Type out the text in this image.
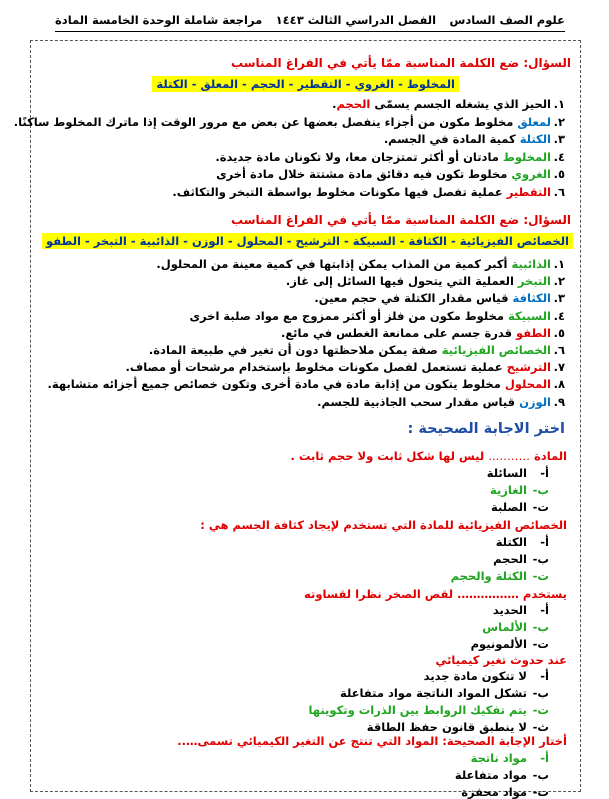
علوم الصف السادس
الفصل الدراسي الثالث ١٤٤٣
مراجعة شاملة الوحدة الخامسة المادة
السؤال: ضع الكلمة المناسبة ممّا يأتي في الفراغ المناسب
المخلوط - الغروي - التقطير - الحجم - المعلق - الكتلة
١.الحيز الذي يشغله الجسم يسمّى الحجم.
٢.لمعلق مخلوط مكون من أجزاء ينفصل بعضها عن بعض مع مرور الوقت إذا ماترك المخلوط ساكنًا.
٣.الكتلة كمية المادة في الجسم.
٤.المخلوط مادتان أو أكثر تمتزجان معا، ولا تكونان مادة جديدة.
٥.الغروي مخلوط تكون فيه دقائق مادة مشتتة خلال مادة أخرى
٦.التقطير عملية تفصل فيها مكونات مخلوط بواسطة التبخر والتكاثف.
السؤال: ضع الكلمة المناسبة ممّا يأتي في الفراغ المناسب
الخصائص الفيزيائية - الكثافة - السبيكة - الترشيح - المحلول - الوزن - الذائبية - التبخر - الطفو
١.الذائبية أكبر كمية من المذاب يمكن إذابتها في كمية معينة من المحلول.
٢.التبخر العملية التي يتحول فيها السائل إلى غاز.
٣.الكثافة قياس مقدار الكتلة في حجم معين.
٤.السبيكة مخلوط مكون من فلز أو أكثر ممزوج مع مواد صلبة اخرى
٥.الطفو قدرة جسم على ممانعة الغطس في مائع.
٦.الخصائص الفيزيائية صفة يمكن ملاحظتها دون أن تغير في طبيعة المادة.
٧.الترشيح عملية تستعمل لفصل مكونات مخلوط بإستخدام مرشحات أو مصاف.
٨.المحلول مخلوط يتكون من إذابة مادة في مادة أخرى وتكون خصائص جميع أجزائه متشابهة.
٩.الوزن قياس مقدار سحب الجاذبية للجسم.
اختر الاجابة الصحيحة :
المادة ……….. ليس لها شكل ثابت ولا حجم ثابت .
أ-السائلة
ب-الغازية
ت-الصلبة
الخصائص الفيزيائية للمادة التي تستخدم لإيجاد كثافة الجسم هي :
أ-الكتلة
ب-الحجم
ت-الكتلة والحجم
يستخدم ……………. لقص الصخر نظرا لقساوته
أ-الحديد
ب-الألماس
ت-الألمونيوم
عند حدوث تغير كيميائي
أ-لا تتكون مادة جديد
ب-تشكل المواد الناتجة مواد متفاعلة
ت-يتم تفكيك الروابط بين الذرات وتكوينها
ث-لا ينطبق قانون حفظ الطاقة
أختار الإجابة الصحيحة: المواد التي تنتج عن التغير الكيميائي تسمى…..
أ-مواد ناتجة
ب-مواد متفاعلة
ت-مواد محفزة
